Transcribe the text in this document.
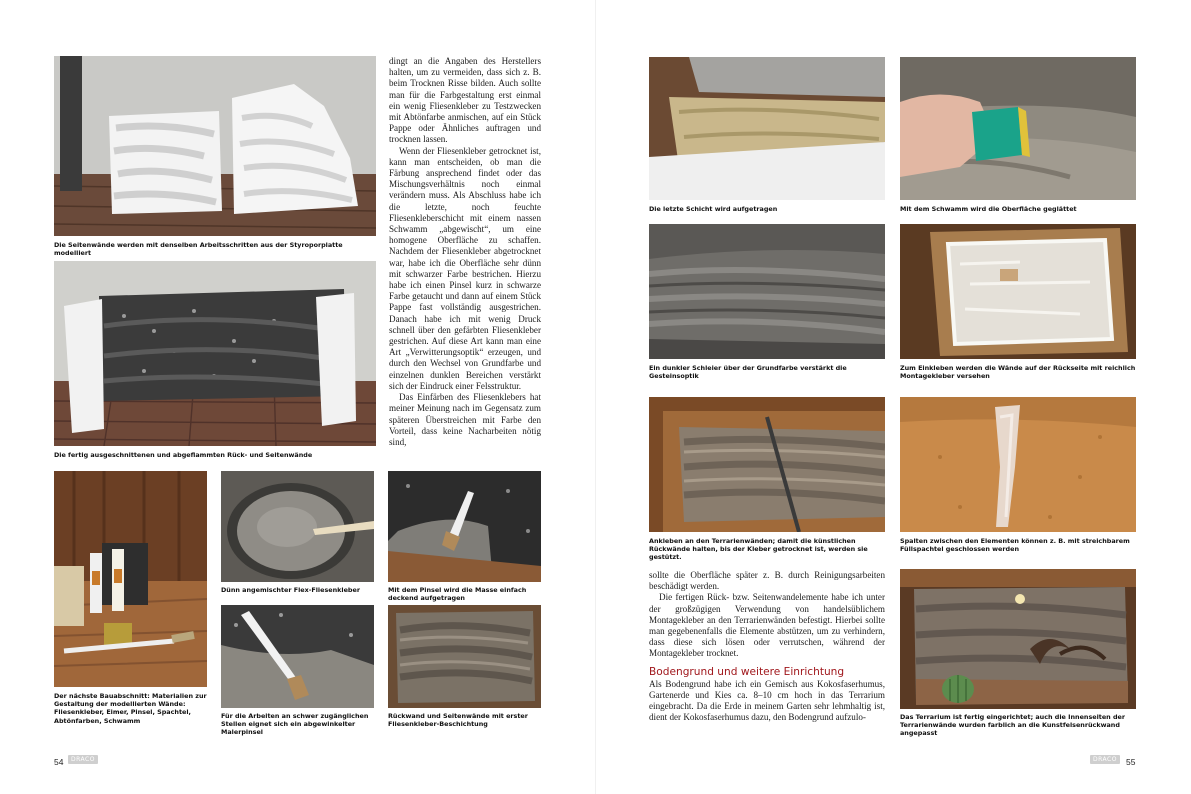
Die Seitenwände werden mit denselben Arbeitsschritten aus der Styroporplatte modelliert
Die fertig ausgeschnittenen und abgeflammten Rück- und Seitenwände
Der nächste Bauabschnitt: Materialien zur Gestaltung der modellierten Wände: Fliesenkleber, Eimer, Pinsel, Spachtel, Abtönfarben, Schwamm
Dünn angemischter Flex-Fliesenkleber	Mit dem Pinsel wird die Masse einfach deckend aufgetragen
Für die Arbeiten an schwer zugänglichen Stellen eignet sich ein abgewinkelter Malerpinsel
Rückwand und Seitenwände mit erster Fliesenkleber-Beschichtung

dingt an die Angaben des Herstellers halten, um zu vermeiden, dass sich z. B. beim Trocknen Risse bilden. Auch sollte man für die Farbgestaltung erst einmal ein wenig Fliesenkleber zu Testzwecken mit Abtönfarbe anmischen, auf ein Stück Pappe oder Ähnliches auftragen und trocknen lassen.

Wenn der Fliesenkleber getrocknet ist, kann man entscheiden, ob man die Färbung ansprechend findet oder das Mischungsverhältnis noch einmal verändern muss. Als Abschluss habe ich die letzte, noch feuchte Fliesenkleberschicht mit einem nassen Schwamm „abgewischt“, um eine homogene Oberfläche zu schaffen. Nachdem der Fliesenkleber abgetrocknet war, habe ich die Oberfläche sehr dünn mit schwarzer Farbe bestrichen. Hierzu habe ich einen Pinsel kurz in schwarze Farbe getaucht und dann auf einem Stück Pappe fast vollständig ausgestrichen. Danach habe ich mit wenig Druck schnell über den gefärbten Fliesenkleber gestrichen. Auf diese Art kann man eine Art „Verwitterungsoptik“ erzeugen, und durch den Wechsel von Grundfarbe und einzelnen dunklen Bereichen verstärkt sich der Eindruck einer Felsstruktur.

Das Einfärben des Fliesenklebers hat meiner Meinung nach im Gegensatz zum späteren Überstreichen mit Farbe den Vorteil, dass keine Nacharbeiten nötig sind,

54	DRACO
Die letzte Schicht wird aufgetragen	Mit dem Schwamm wird die Oberfläche geglättet
Ein dunkler Schleier über der Grundfarbe verstärkt die Gesteinsoptik
Zum Einkleben werden die Wände auf der Rückseite mit reichlich Montagekleber versehen
Ankleben an den Terrarienwänden; damit die künstlichen Rückwände halten, bis der Kleber getrocknet ist, werden sie gestützt.
Spalten zwischen den Elementen können z. B. mit streichbarem Füllspachtel geschlossen werden
Das Terrarium ist fertig eingerichtet; auch die Innenseiten der Terrarienwände wurden farblich an die Kunstfelsenrückwand angepasst

sollte die Oberfläche später z. B. durch Reinigungsarbeiten beschädigt werden.

Die fertigen Rück- bzw. Seitenwandelemente habe ich unter der großzügigen Verwendung von handelsüblichem Montagekleber an den Terrarienwänden befestigt. Hierbei sollte man gegebenenfalls die Elemente abstützen, um zu verhindern, dass diese sich lösen oder verrutschen, während der Montagekleber trocknet.

Bodengrund und weitere Einrichtung

Als Bodengrund habe ich ein Gemisch aus Kokosfaserhumus, Gartenerde und Kies ca. 8–10 cm hoch in das Terrarium eingebracht. Da die Erde in meinem Garten sehr lehmhaltig ist, dient der Kokosfaserhumus dazu, den Bodengrund aufzulo-

DRACO	55
